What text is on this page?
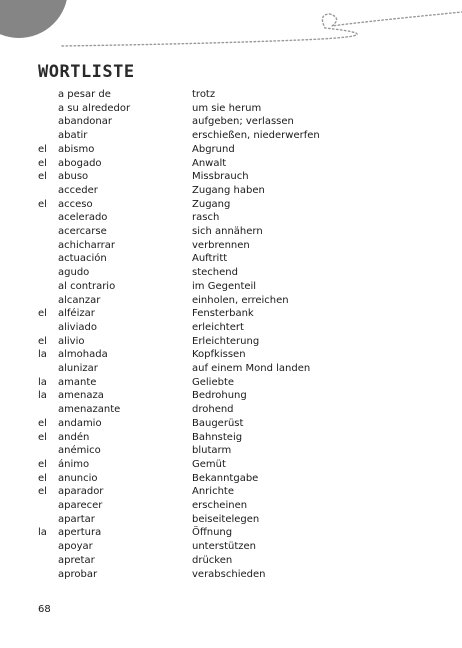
WORTLISTE
a pesar de	trotz
a su alrededor	um sie herum
abandonar	aufgeben; verlassen
abatir	erschießen, niederwerfen
el abismo	Abgrund
el abogado	Anwalt
el abuso	Missbrauch
acceder	Zugang haben
el acceso	Zugang
acelerado	rasch
acercarse	sich annähern
achicharrar	verbrennen
actuación	Auftritt
agudo	stechend
al contrario	im Gegenteil
alcanzar	einholen, erreichen
el alféizar	Fensterbank
aliviado	erleichtert
el alivio	Erleichterung
la almohada	Kopfkissen
alunizar	auf einem Mond landen
la amante	Geliebte
la amenaza	Bedrohung
amenazante	drohend
el andamio	Baugerüst
el andén	Bahnsteig
anémico	blutarm
el ánimo	Gemüt
el anuncio	Bekanntgabe
el aparador	Anrichte
aparecer	erscheinen
apartar	beiseitelegen
la apertura	Öffnung
apoyar	unterstützen
apretar	drücken
aprobar	verabschieden
68
